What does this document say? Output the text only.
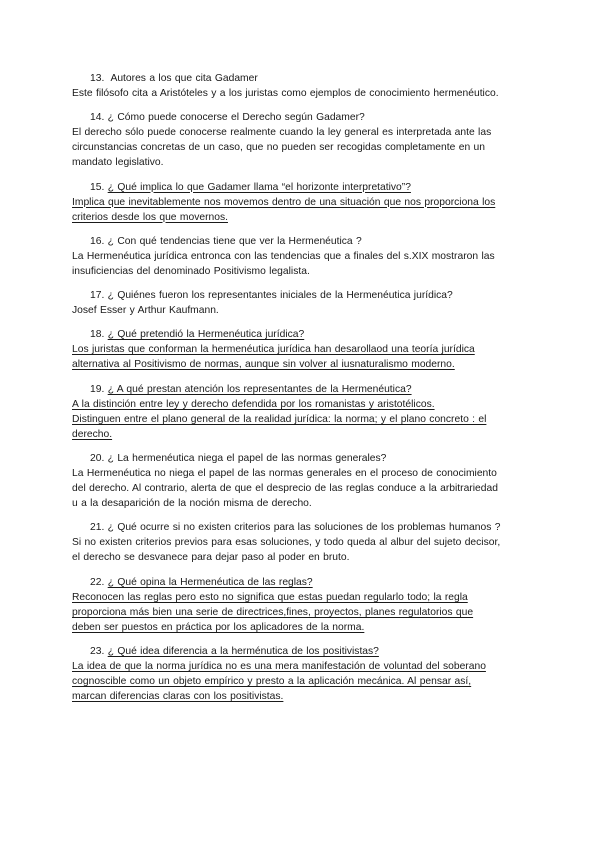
13.  Autores a los que cita Gadamer
Este filósofo cita a Aristóteles y a los juristas como ejemplos de conocimiento hermenéutico.
14. ¿ Cómo puede conocerse el Derecho según Gadamer?
El derecho sólo puede conocerse realmente cuando la ley general es interpretada ante las
circunstancias concretas de un caso, que no pueden ser recogidas completamente en un
mandato legislativo.
15. ¿ Qué implica lo que Gadamer llama “el horizonte interpretativo”?
Implica que inevitablemente nos movemos dentro de una situación que nos proporciona los
criterios desde los que movernos.
16. ¿ Con qué tendencias tiene que ver la Hermenéutica ?
La Hermenéutica jurídica entronca con las tendencias que a finales del s.XIX mostraron las
insuficiencias del denominado Positivismo legalista.
17. ¿ Quiénes fueron los representantes iniciales de la Hermenéutica jurídica?
Josef Esser y Arthur Kaufmann.
18. ¿ Qué pretendió la Hermenéutica jurídica?
Los juristas que conforman la hermenéutica jurídica han desarollaod una teoría jurídica
alternativa al Positivismo de normas, aunque sin volver al iusnaturalismo moderno.
19. ¿ A qué prestan atención los representantes de la Hermenéutica?
A la distinción entre ley y derecho defendida por los romanistas y aristotélicos.
Distinguen entre el plano general de la realidad jurídica: la norma; y el plano concreto : el
derecho.
20. ¿ La hermenéutica niega el papel de las normas generales?
La Hermenéutica no niega el papel de las normas generales en el proceso de conocimiento
del derecho. Al contrario, alerta de que el desprecio de las reglas conduce a la arbitrariedad
u a la desaparición de la noción misma de derecho.
21. ¿ Qué ocurre si no existen criterios para las soluciones de los problemas humanos ?
Si no existen criterios previos para esas soluciones, y todo queda al albur del sujeto decisor,
el derecho se desvanece para dejar paso al poder en bruto.
22. ¿ Qué opina la Hermenéutica de las reglas?
Reconocen las reglas pero esto no significa que estas puedan regularlo todo; la regla
proporciona más bien una serie de directrices,fines, proyectos, planes regulatorios que
deben ser puestos en práctica por los aplicadores de la norma.
23. ¿ Qué idea diferencia a la herménutica de los positivistas?
La idea de que la norma jurídica no es una mera manifestación de voluntad del soberano
cognoscible como un objeto empírico y presto a la aplicación mecánica. Al pensar así,
marcan diferencias claras con los positivistas.
